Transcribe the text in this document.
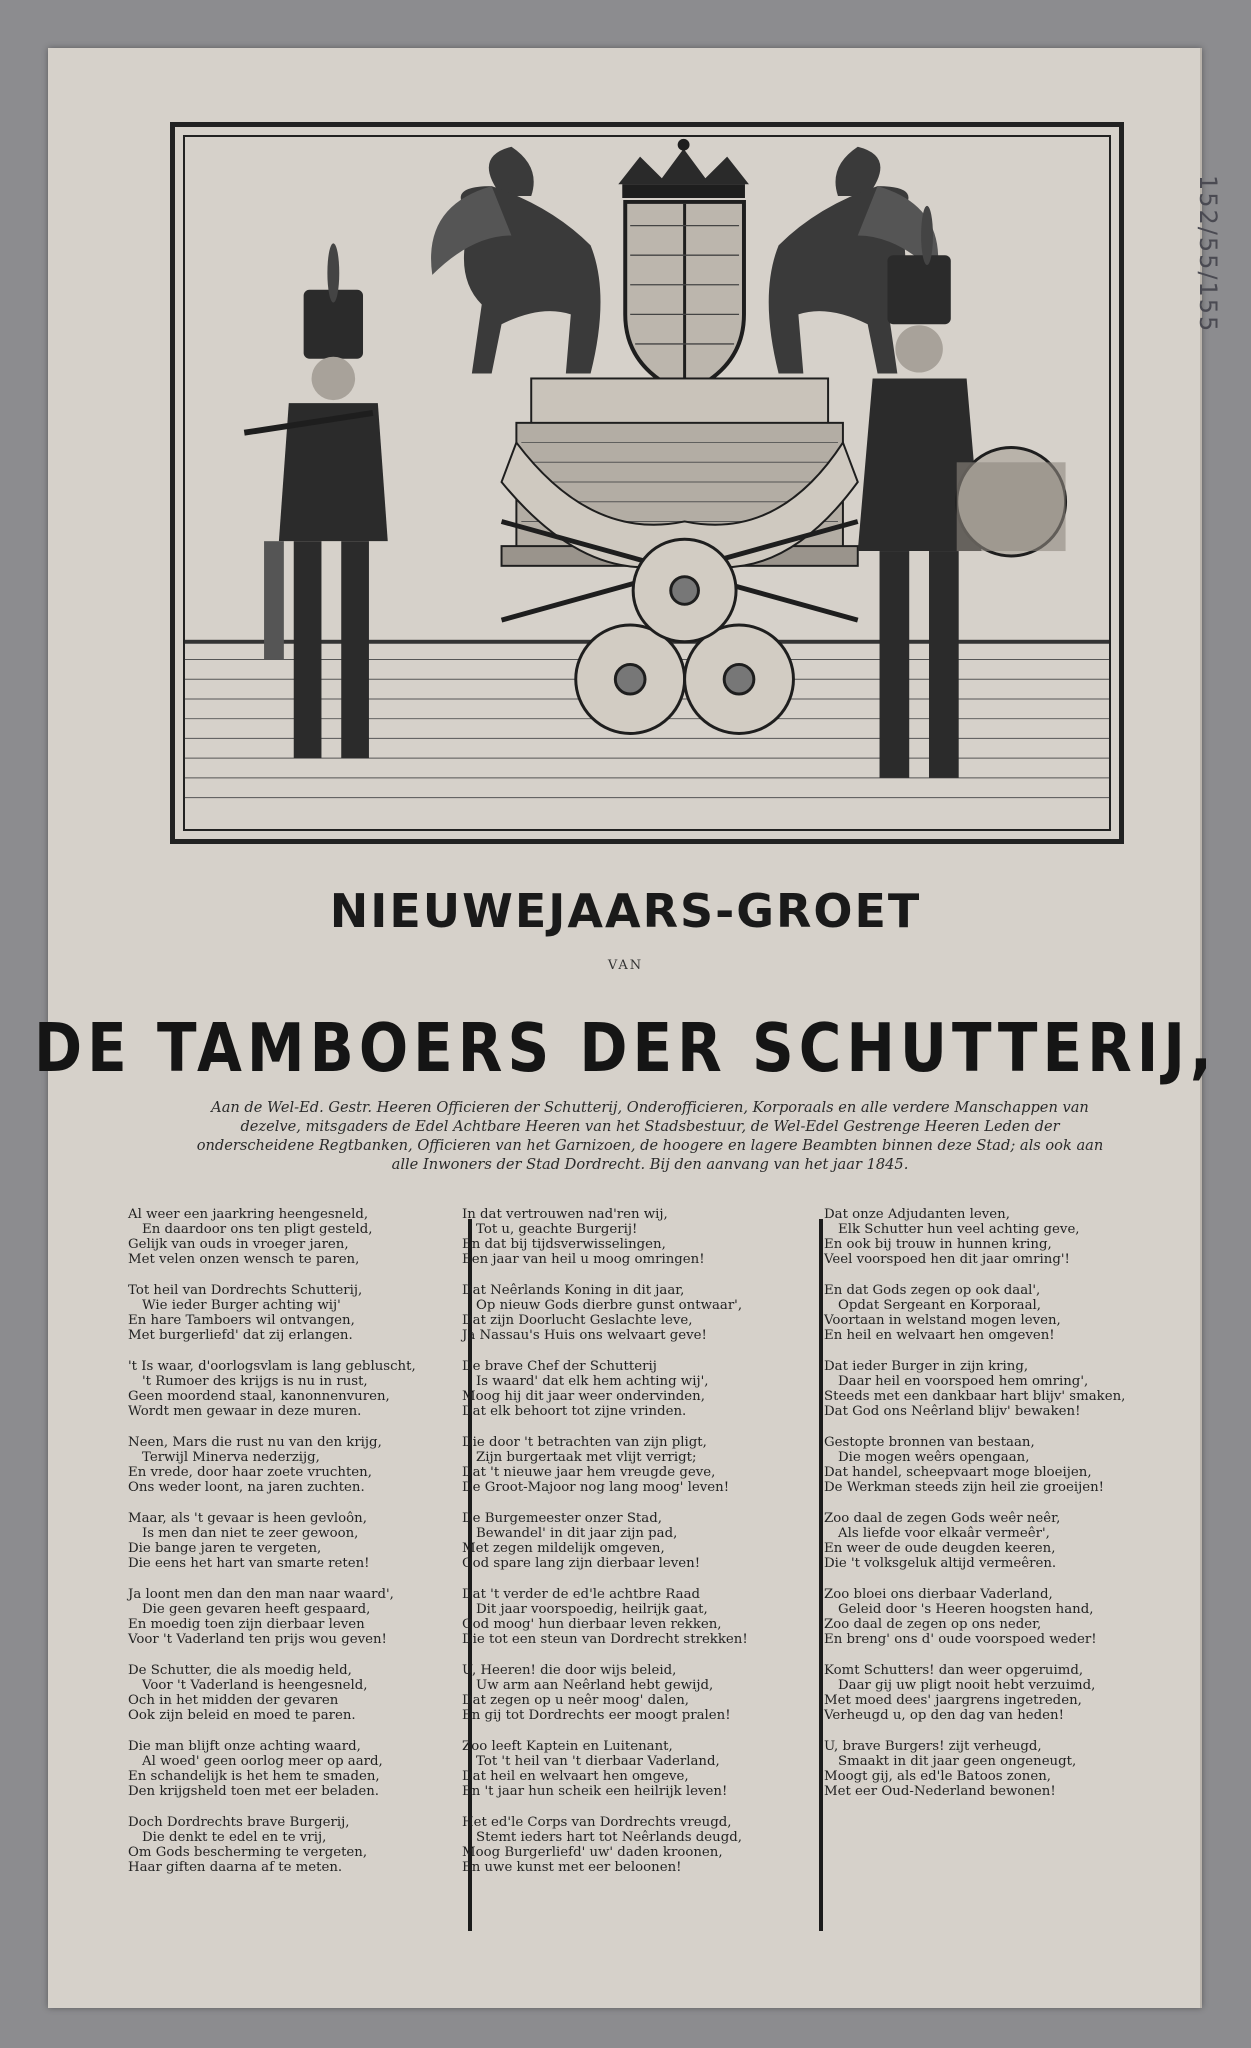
152/55/155
NIEUWEJAARS-GROET
VAN
DE TAMBOERS DER SCHUTTERIJ,
Aan de Wel-Ed. Gestr. Heeren Officieren der Schutterij, Onderofficieren, Korporaals en alle verdere Manschappen van dezelve, mitsgaders de Edel Achtbare Heeren van het Stadsbestuur, de Wel-Edel Gestrenge Heeren Leden der onderscheidene Regtbanken, Officieren van het Garnizoen, de hoogere en lagere Beambten binnen deze Stad; als ook aan alle Inwoners der Stad Dordrecht. Bij den aanvang van het jaar 1845.
Al weer een jaarkring heengesneld,
En daardoor ons ten pligt gesteld,
Gelijk van ouds in vroeger jaren,
Met velen onzen wensch te paren,
Tot heil van Dordrechts Schutterij,
Wie ieder Burger achting wij'
En hare Tamboers wil ontvangen,
Met burgerliefd' dat zij erlangen.
't Is waar, d'oorlogsvlam is lang gebluscht,
't Rumoer des krijgs is nu in rust,
Geen moordend staal, kanonnenvuren,
Wordt men gewaar in deze muren.
Neen, Mars die rust nu van den krijg,
Terwijl Minerva nederzijg,
En vrede, door haar zoete vruchten,
Ons weder loont, na jaren zuchten.
Maar, als 't gevaar is heen gevloôn,
Is men dan niet te zeer gewoon,
Die bange jaren te vergeten,
Die eens het hart van smarte reten!
Ja loont men dan den man naar waard',
Die geen gevaren heeft gespaard,
En moedig toen zijn dierbaar leven
Voor 't Vaderland ten prijs wou geven!
De Schutter, die als moedig held,
Voor 't Vaderland is heengesneld,
Och in het midden der gevaren
Ook zijn beleid en moed te paren.
Die man blijft onze achting waard,
Al woed' geen oorlog meer op aard,
En schandelijk is het hem te smaden,
Den krijgsheld toen met eer beladen.
Doch Dordrechts brave Burgerij,
Die denkt te edel en te vrij,
Om Gods bescherming te vergeten,
Haar giften daarna af te meten.
In dat vertrouwen nad'ren wij,
Tot u, geachte Burgerij!
En dat bij tijdsverwisselingen,
Een jaar van heil u moog omringen!
Dat Neêrlands Koning in dit jaar,
Op nieuw Gods dierbre gunst ontwaar',
Dat zijn Doorlucht Geslachte leve,
Ja Nassau's Huis ons welvaart geve!
De brave Chef der Schutterij
Is waard' dat elk hem achting wij',
Moog hij dit jaar weer ondervinden,
Dat elk behoort tot zijne vrinden.
Die door 't betrachten van zijn pligt,
Zijn burgertaak met vlijt verrigt;
Dat 't nieuwe jaar hem vreugde geve,
De Groot-Majoor nog lang moog' leven!
De Burgemeester onzer Stad,
Bewandel' in dit jaar zijn pad,
Met zegen mildelijk omgeven,
God spare lang zijn dierbaar leven!
Dat 't verder de ed'le achtbre Raad
Dit jaar voorspoedig, heilrijk gaat,
God moog' hun dierbaar leven rekken,
Die tot een steun van Dordrecht strekken!
U, Heeren! die door wijs beleid,
Uw arm aan Neêrland hebt gewijd,
Dat zegen op u neêr moog' dalen,
En gij tot Dordrechts eer moogt pralen!
Zoo leeft Kaptein en Luitenant,
Tot 't heil van 't dierbaar Vaderland,
Dat heil en welvaart hen omgeve,
En 't jaar hun scheik een heilrijk leven!
Het ed'le Corps van Dordrechts vreugd,
Stemt ieders hart tot Neêrlands deugd,
Moog Burgerliefd' uw' daden kroonen,
En uwe kunst met eer beloonen!
Dat onze Adjudanten leven,
Elk Schutter hun veel achting geve,
En ook bij trouw in hunnen kring,
Veel voorspoed hen dit jaar omring'!
En dat Gods zegen op ook daal',
Opdat Sergeant en Korporaal,
Voortaan in welstand mogen leven,
En heil en welvaart hen omgeven!
Dat ieder Burger in zijn kring,
Daar heil en voorspoed hem omring',
Steeds met een dankbaar hart blijv' smaken,
Dat God ons Neêrland blijv' bewaken!
Gestopte bronnen van bestaan,
Die mogen weêrs opengaan,
Dat handel, scheepvaart moge bloeijen,
De Werkman steeds zijn heil zie groeijen!
Zoo daal de zegen Gods weêr neêr,
Als liefde voor elkaâr vermeêr',
En weer de oude deugden keeren,
Die 't volksgeluk altijd vermeêren.
Zoo bloei ons dierbaar Vaderland,
Geleid door 's Heeren hoogsten hand,
Zoo daal de zegen op ons neder,
En breng' ons d' oude voorspoed weder!
Komt Schutters! dan weer opgeruimd,
Daar gij uw pligt nooit hebt verzuimd,
Met moed dees' jaargrens ingetreden,
Verheugd u, op den dag van heden!
U, brave Burgers! zijt verheugd,
Smaakt in dit jaar geen ongeneugt,
Moogt gij, als ed'le Batoos zonen,
Met eer Oud-Nederland bewonen!
